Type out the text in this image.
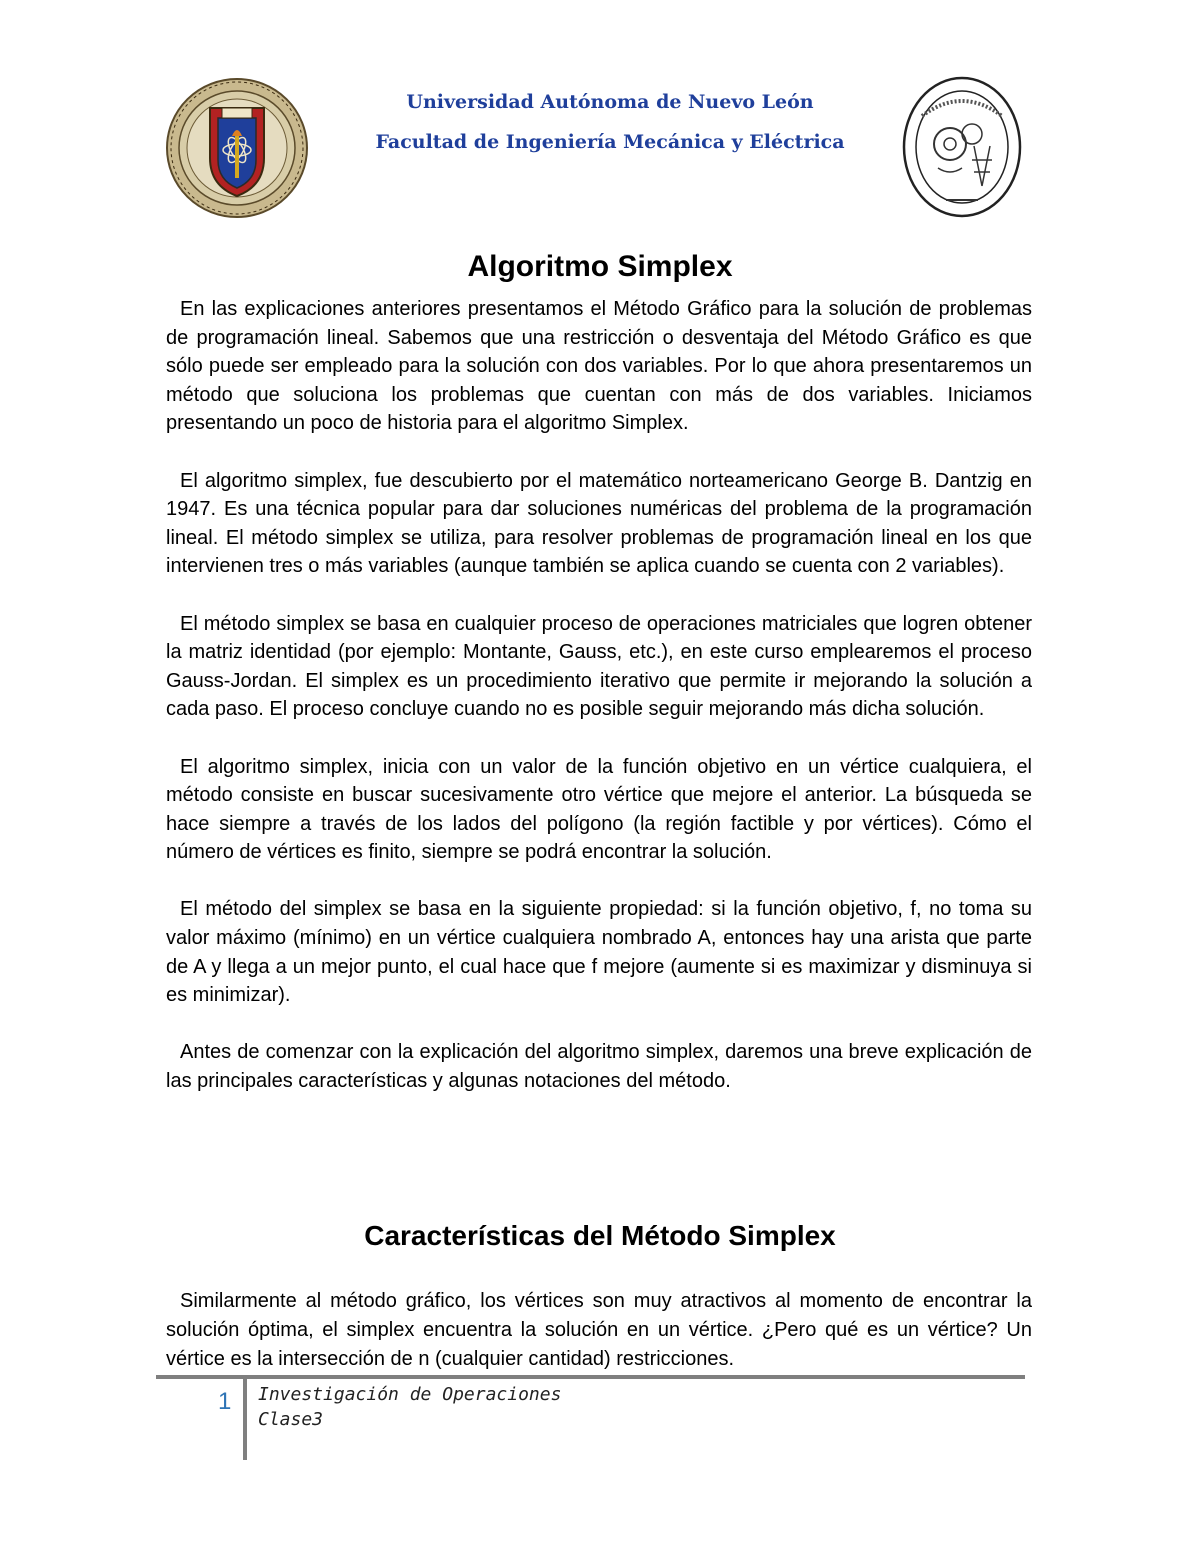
Universidad Autónoma de Nuevo León
Facultad de Ingeniería Mecánica y Eléctrica
Algoritmo Simplex

En las explicaciones anteriores presentamos el Método Gráfico para la solución de problemas de programación lineal. Sabemos que una restricción o desventaja del Método Gráfico es que sólo puede ser empleado para la solución con dos variables. Por lo que ahora presentaremos un método que soluciona los problemas que cuentan con más de dos variables. Iniciamos presentando un poco de historia para el algoritmo Simplex.

El algoritmo simplex, fue descubierto por el matemático norteamericano George B. Dantzig en 1947. Es una técnica popular para dar soluciones numéricas del problema de la programación lineal. El método simplex se utiliza, para resolver problemas de programación lineal en los que intervienen tres o más variables (aunque también se aplica cuando se cuenta con 2 variables).

El método simplex se basa en cualquier proceso de operaciones matriciales que logren obtener la matriz identidad (por ejemplo: Montante, Gauss, etc.), en este curso emplearemos el proceso Gauss-Jordan. El simplex es un procedimiento iterativo que permite ir mejorando la solución a cada paso. El proceso concluye cuando no es posible seguir mejorando más dicha solución.

El algoritmo simplex, inicia con un valor de la función objetivo en un vértice cualquiera, el método consiste en buscar sucesivamente otro vértice que mejore el anterior. La búsqueda se hace siempre a través de los lados del polígono (la región factible y por vértices). Cómo el número de vértices es finito, siempre se podrá encontrar la solución.

El método del simplex se basa en la siguiente propiedad: si la función objetivo, f, no toma su valor máximo (mínimo) en un vértice cualquiera nombrado A, entonces hay una arista que parte de A y llega a un mejor punto, el cual hace que f mejore (aumente si es maximizar y disminuya si es minimizar).

Antes de comenzar con la explicación del algoritmo simplex, daremos una breve explicación de las principales características y algunas notaciones del método.

Características del Método Simplex

Similarmente al método gráfico, los vértices son muy atractivos al momento de encontrar la solución óptima, el simplex encuentra la solución en un vértice. ¿Pero qué es un vértice? Un vértice es la intersección de n (cualquier cantidad) restricciones.

1 Investigación de Operaciones
Clase3
